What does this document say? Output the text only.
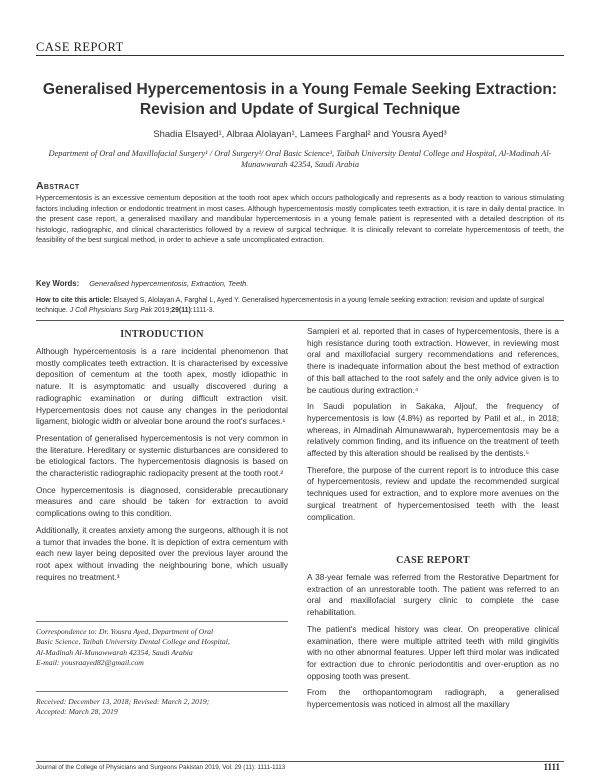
CASE REPORT
Generalised Hypercementosis in a Young Female Seeking Extraction: Revision and Update of Surgical Technique
Shadia Elsayed¹, Albraa Alolayan¹, Lamees Farghal² and Yousra Ayed³
Department of Oral and Maxillofacial Surgery¹ / Oral Surgery²/ Oral Basic Science³, Taibah University Dental College and Hospital, Al-Madinah Al-Munawwarah 42354, Saudi Arabia
Abstract
Hypercementosis is an excessive cementum deposition at the tooth root apex which occurs pathologically and represents as a body reaction to various stimulating factors including infection or endodontic treatment in most cases. Although hypercementosis mostly complicates teeth extraction, it is rare in daily dental practice. In the present case report, a generalised maxillary and mandibular hypercementosis in a young female patient is represented with a detailed description of its histologic, radiographic, and clinical characteristics followed by a review of surgical technique. It is clinically relevant to correlate hypercementosis of teeth, the feasibility of the best surgical method, in order to achieve a safe uncomplicated extraction.
Key Words: Generalised hypercementosis, Extraction, Teeth.
How to cite this article: Elsayed S, Alolayan A, Farghal L, Ayed Y. Generalised hypercementosis in a young female seeking extraction: revision and update of surgical technique. J Coll Physicians Surg Pak 2019;29(11):1111-3.
INTRODUCTION

Although hypercementosis is a rare incidental phenomenon that mostly complicates teeth extraction. It is characterised by excessive deposition of cementum at the tooth apex, mostly idiopathic in nature. It is asymptomatic and usually discovered during a radiographic examination or during difficult extraction visit. Hypercementosis does not cause any changes in the periodontal ligament, biologic width or alveolar bone around the root's surfaces.¹

Presentation of generalised hypercementosis is not very common in the literature. Hereditary or systemic disturbances are considered to be etiological factors. The hypercementosis diagnosis is based on the characteristic radiographic radiopacity present at the tooth root.²

Once hypercementosis is diagnosed, considerable precautionary measures and care should be taken for extraction to avoid complications owing to this condition.

Additionally, it creates anxiety among the surgeons, although it is not a tumor that invades the bone. It is depiction of extra cementum with each new layer being deposited over the previous layer around the root apex without invading the neighbouring bone, which usually requires no treatment.³

Sampieri et al. reported that in cases of hypercementosis, there is a high resistance during tooth extraction. However, in reviewing most oral and maxillofacial surgery recommendations and references, there is inadequate information about the best method of extraction of this ball attached to the root safely and the only advice given is to be cautious during extraction.⁴

In Saudi population in Sakaka, Aljouf, the frequency of hypercementosis is low (4.8%) as reported by Patil et al., in 2018; whereas, in Almadinah Almunawwarah, hypercementosis may be a relatively common finding, and its influence on the treatment of teeth affected by this alteration should be realised by the dentists.⁵

Therefore, the purpose of the current report is to introduce this case of hypercementosis, review and update the recommended surgical techniques used for extraction, and to explore more avenues on the surgical treatment of hypercementosised teeth with the least complication.

CASE REPORT

A 38-year female was referred from the Restorative Department for extraction of an unrestorable tooth. The patient was referred to an oral and maxillofacial surgery clinic to complete the case rehabilitation.

The patient's medical history was clear. On preoperative clinical examination, there were multiple attrited teeth with mild gingivitis with no other abnormal features. Upper left third molar was indicated for extraction due to chronic periodontitis and over-eruption as no opposing tooth was present.

From the orthopantomogram radiograph, a generalised hypercementosis was noticed in almost all the maxillary

Correspondence to: Dr. Yousra Ayed, Department of Oral
Basic Science, Taibah University Dental College and Hospital,
Al-Madinah Al-Munawwarah 42354, Saudi Arabia
E-mail: yousraayed82@gmail.com
Received: December 13, 2018; Revised: March 2, 2019;
Accepted: March 28, 2019
Journal of the College of Physicians and Surgeons Pakistan 2019, Vol. 29 (11): 1111-1113	1111
